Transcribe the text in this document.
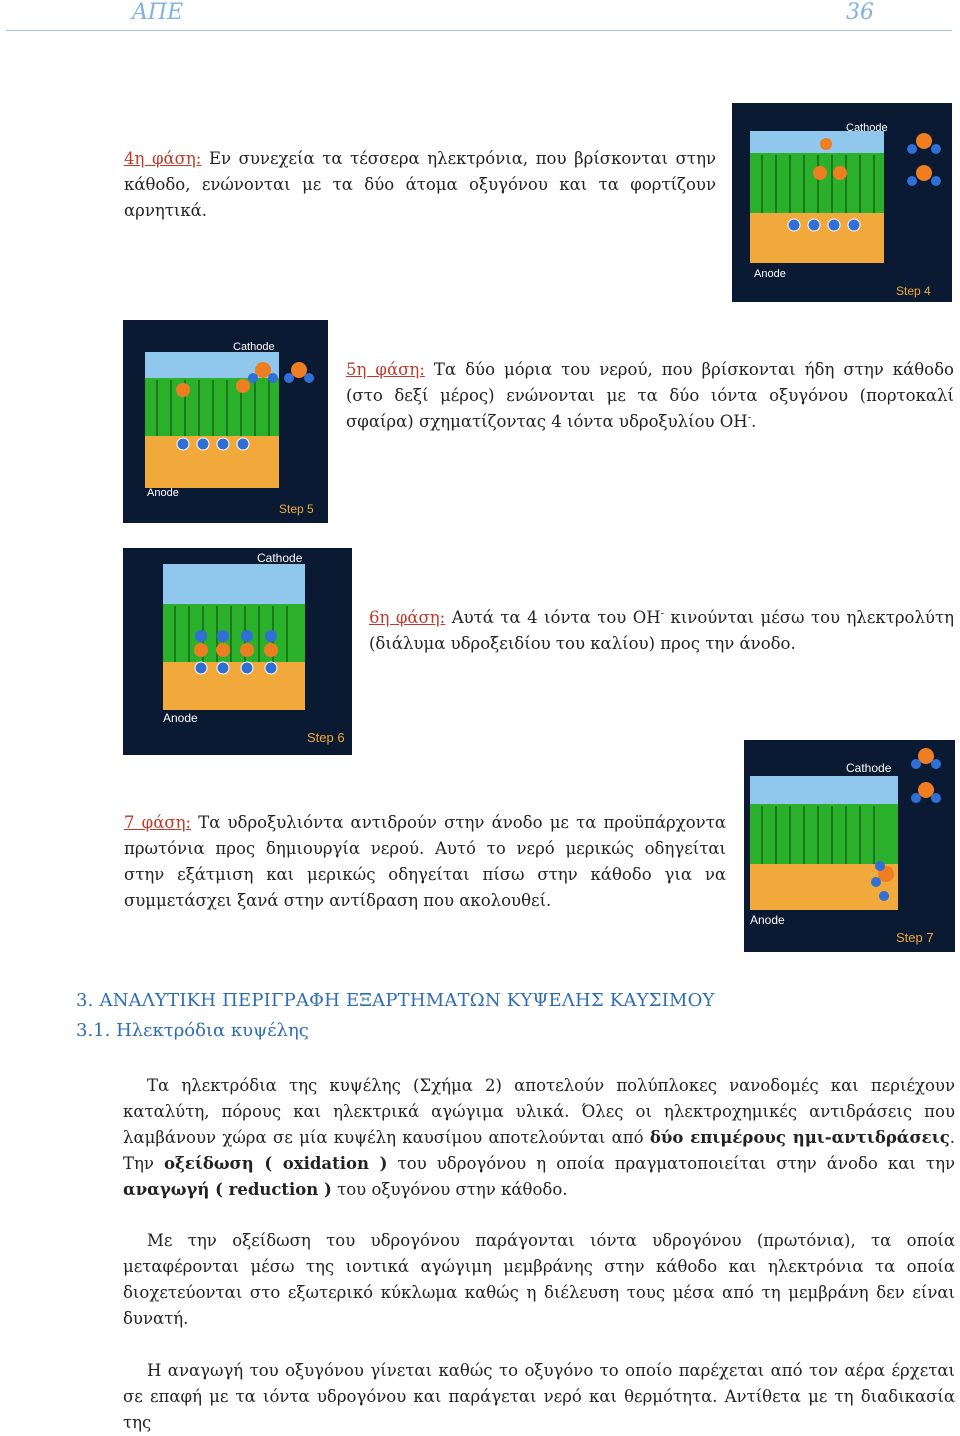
ΑΠΕ	36

4η φάση: Εν συνεχεία τα τέσσερα ηλεκτρόνια, που βρίσκονται στην κάθοδο, ενώνονται με τα δύο άτομα οξυγόνου και τα φορτίζουν αρνητικά.

Cathode
Anode
Step 4
Cathode
Anode
Step 5

5η φάση: Τα δύο μόρια του νερού, που βρίσκονται ήδη στην κάθοδο (στο δεξί μέρος) ενώνονται με τα δύο ιόντα οξυγόνου (πορτοκαλί σφαίρα) σχηματίζοντας 4 ιόντα υδροξυλίου ΟΗ-.

Cathode
Anode
Step 6

6η φάση: Αυτά τα 4 ιόντα του ΟΗ- κινούνται μέσω του ηλεκτρολύτη (διάλυμα υδροξειδίου του καλίου) προς την άνοδο.

Cathode
Anode
Step 7

7 φάση: Τα υδροξυλιόντα αντιδρούν στην άνοδο με τα προϋπάρχοντα πρωτόνια προς δημιουργία νερού. Αυτό το νερό μερικώς οδηγείται στην εξάτμιση και μερικώς οδηγείται πίσω στην κάθοδο για να συμμετάσχει ξανά στην αντίδραση που ακολουθεί.

3. ΑΝΑΛΥΤΙΚΗ ΠΕΡΙΓΡΑΦΗ ΕΞΑΡΤΗΜΑΤΩΝ ΚΥΨΕΛΗΣ ΚΑΥΣΙΜΟΥ
3.1. Ηλεκτρόδια κυψέλης

Τα ηλεκτρόδια της κυψέλης (Σχήμα 2) αποτελούν πολύπλοκες νανοδομές και περιέχουν καταλύτη, πόρους και ηλεκτρικά αγώγιμα υλικά. Όλες οι ηλεκτροχημικές αντιδράσεις που λαμβάνουν χώρα σε μία κυψέλη καυσίμου αποτελούνται από δύο επιμέρους ημι-αντιδράσεις. Την οξείδωση ( oxidation ) του υδρογόνου η οποία πραγματοποιείται στην άνοδο και την αναγωγή ( reduction ) του οξυγόνου στην κάθοδο.

Με την οξείδωση του υδρογόνου παράγονται ιόντα υδρογόνου (πρωτόνια), τα οποία μεταφέρονται μέσω της ιοντικά αγώγιμη μεμβράνης στην κάθοδο και ηλεκτρόνια τα οποία διοχετεύονται στο εξωτερικό κύκλωμα καθώς η διέλευση τους μέσα από τη μεμβράνη δεν είναι δυνατή.

Η αναγωγή του οξυγόνου γίνεται καθώς το οξυγόνο το οποίο παρέχεται από τον αέρα έρχεται σε επαφή με τα ιόντα υδρογόνου και παράγεται νερό και θερμότητα. Αντίθετα με τη διαδικασία της
